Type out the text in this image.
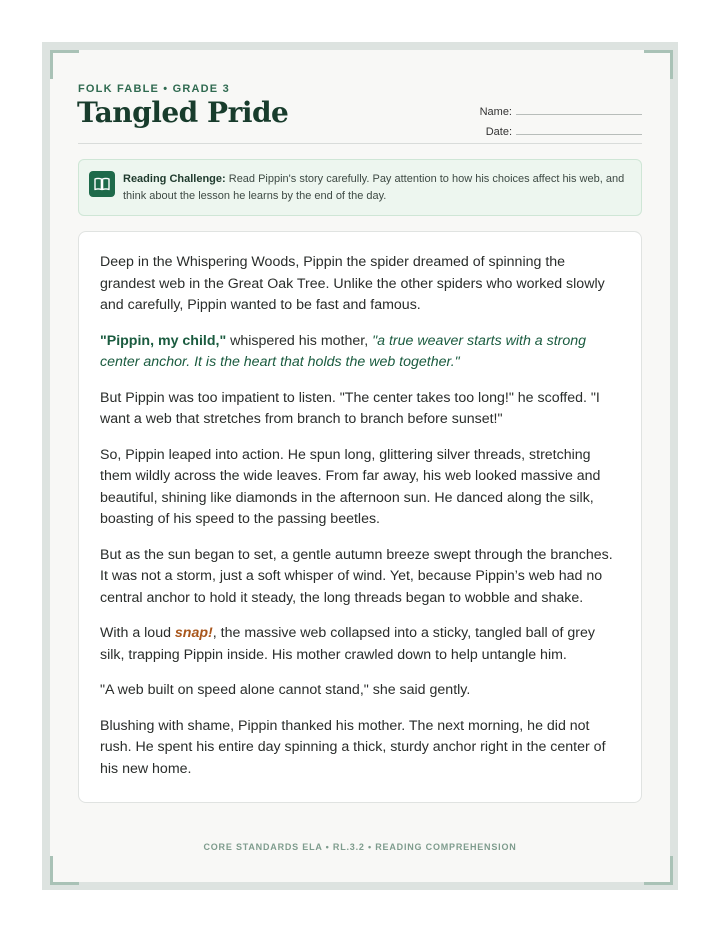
FOLK FABLE • GRADE 3
Tangled Pride	Name:
Date:
Reading Challenge: Read Pippin's story carefully. Pay attention to how his choices affect his web, and think about the lesson he learns by the end of the day.

Deep in the Whispering Woods, Pippin the spider dreamed of spinning the grandest web in the Great Oak Tree. Unlike the other spiders who worked slowly and carefully, Pippin wanted to be fast and famous.

"Pippin, my child," whispered his mother, "a true weaver starts with a strong center anchor. It is the heart that holds the web together."

But Pippin was too impatient to listen. "The center takes too long!" he scoffed. "I want a web that stretches from branch to branch before sunset!"

So, Pippin leaped into action. He spun long, glittering silver threads, stretching them wildly across the wide leaves. From far away, his web looked massive and beautiful, shining like diamonds in the afternoon sun. He danced along the silk, boasting of his speed to the passing beetles.

But as the sun began to set, a gentle autumn breeze swept through the branches. It was not a storm, just a soft whisper of wind. Yet, because Pippin’s web had no central anchor to hold it steady, the long threads began to wobble and shake.

With a loud snap!, the massive web collapsed into a sticky, tangled ball of grey silk, trapping Pippin inside. His mother crawled down to help untangle him.

"A web built on speed alone cannot stand," she said gently.

Blushing with shame, Pippin thanked his mother. The next morning, he did not rush. He spent his entire day spinning a thick, sturdy anchor right in the center of his new home.

CORE STANDARDS ELA • RL.3.2 • READING COMPREHENSION
